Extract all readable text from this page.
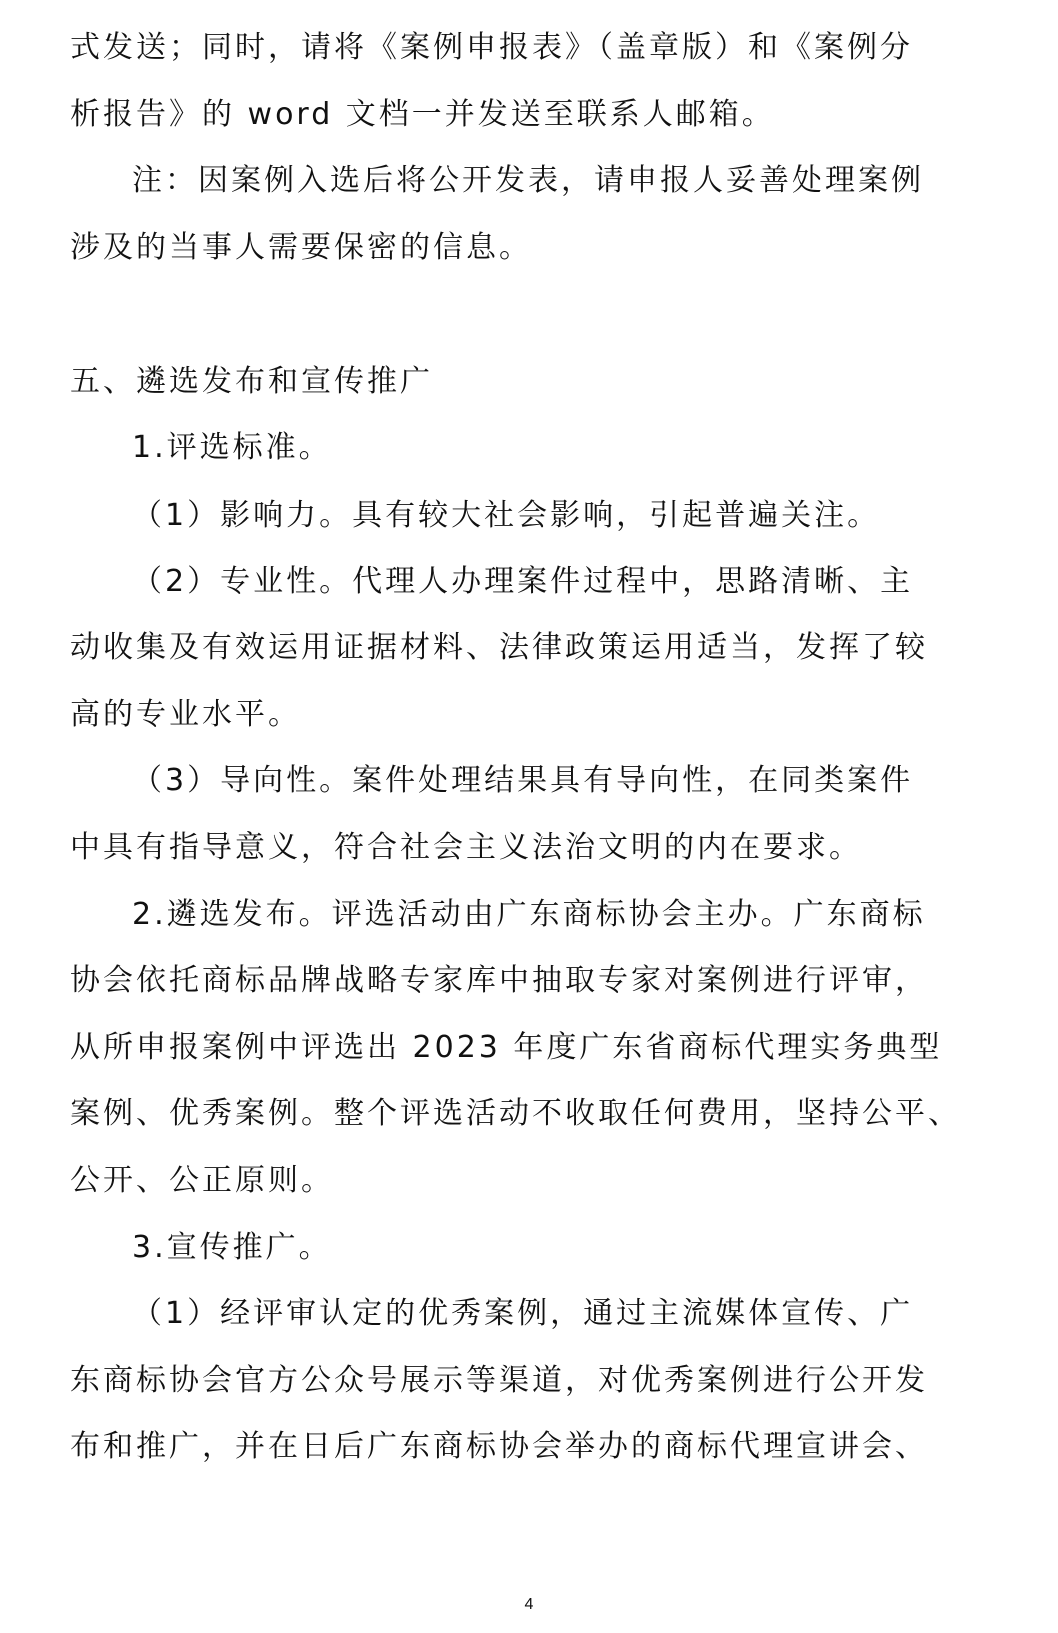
式发送；同时，请将《案例申报表》（盖章版）和《案例分
析报告》的 word 文档一并发送至联系人邮箱。
注：因案例入选后将公开发表，请申报人妥善处理案例
涉及的当事人需要保密的信息。
五、遴选发布和宣传推广
1.评选标准。
（1）影响力。具有较大社会影响，引起普遍关注。
（2）专业性。代理人办理案件过程中，思路清晰、主
动收集及有效运用证据材料、法律政策运用适当，发挥了较
高的专业水平。
（3）导向性。案件处理结果具有导向性，在同类案件
中具有指导意义，符合社会主义法治文明的内在要求。
2.遴选发布。评选活动由广东商标协会主办。广东商标
协会依托商标品牌战略专家库中抽取专家对案例进行评审，
从所申报案例中评选出 2023 年度广东省商标代理实务典型
案例、优秀案例。整个评选活动不收取任何费用，坚持公平、
公开、公正原则。
3.宣传推广。
（1）经评审认定的优秀案例，通过主流媒体宣传、广
东商标协会官方公众号展示等渠道，对优秀案例进行公开发
布和推广，并在日后广东商标协会举办的商标代理宣讲会、
4
